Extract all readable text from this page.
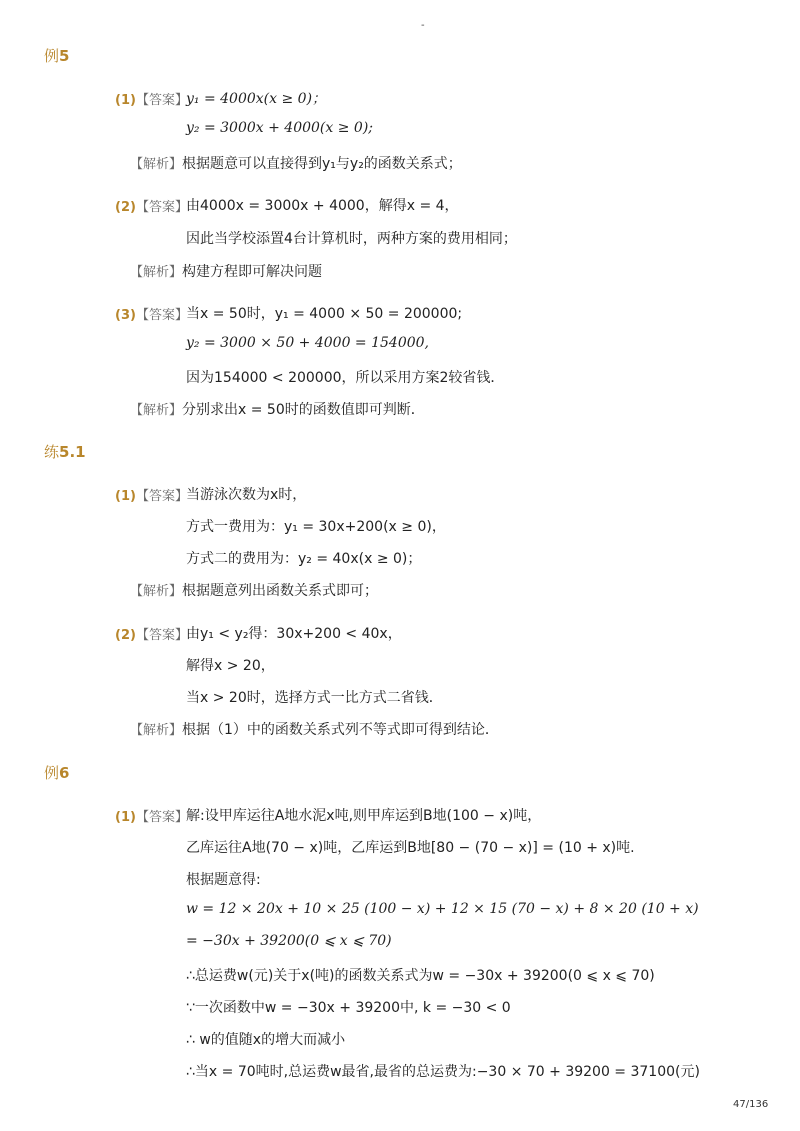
-
例5
(1)【答案】
y₁ = 4000x(x ≥ 0)；
y₂ = 3000x + 4000(x ≥ 0);
【解析】根据题意可以直接得到y₁与y₂的函数关系式；
(2)【答案】
由4000x = 3000x + 4000，解得x = 4，
因此当学校添置4台计算机时，两种方案的费用相同；
【解析】构建方程即可解决问题
(3)【答案】
当x = 50时，y₁ = 4000 × 50 = 200000;
y₂ = 3000 × 50 + 4000 = 154000,
因为154000 < 200000，所以采用方案2较省钱．
【解析】分别求出x = 50时的函数值即可判断．
练5.1
(1)【答案】
当游泳次数为x时，
方式一费用为：y₁ = 30x+200(x ≥ 0)，
方式二的费用为：y₂ = 40x(x ≥ 0)；
【解析】根据题意列出函数关系式即可；
(2)【答案】
由y₁ < y₂得：30x+200 < 40x，
解得x > 20，
当x > 20时，选择方式一比方式二省钱．
【解析】根据（1）中的函数关系式列不等式即可得到结论．
例6
(1)【答案】
解:设甲库运往A地水泥x吨,则甲库运到B地(100 − x)吨，
乙库运往A地(70 − x)吨，乙库运到B地[80 − (70 − x)] = (10 + x)吨.
根据题意得:
w = 12 × 20x + 10 × 25 (100 − x) + 12 × 15 (70 − x) + 8 × 20 (10 + x)
= −30x + 39200(0 ⩽ x ⩽ 70)
∴总运费w(元)关于x(吨)的函数关系式为w = −30x + 39200(0 ⩽ x ⩽ 70)
∵一次函数中w = −30x + 39200中, k = −30 < 0
∴ w的值随x的增大而减小
∴当x = 70吨时,总运费w最省,最省的总运费为:−30 × 70 + 39200 = 37100(元)
47/136
